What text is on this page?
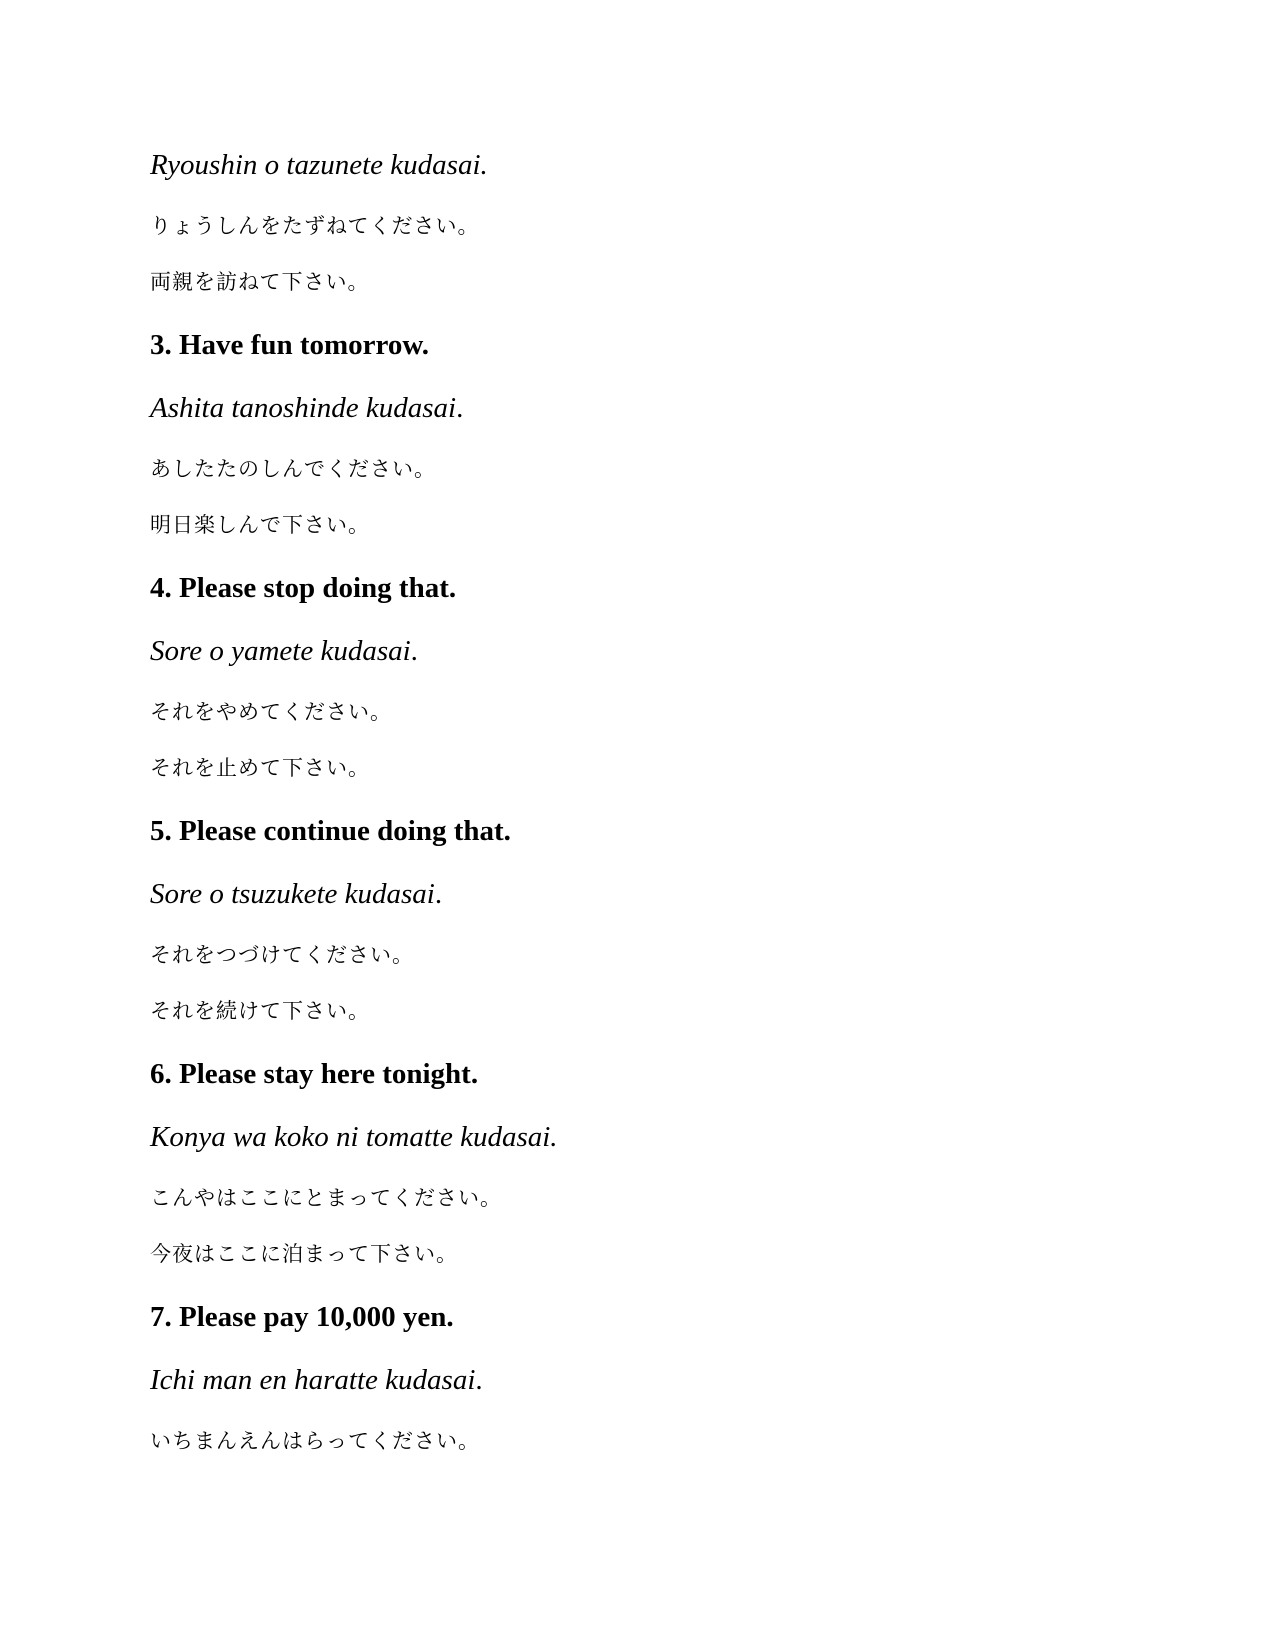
Ryoushin o tazunete kudasai.
りょうしんをたずねてください。
両親を訪ねて下さい。
3. Have fun tomorrow.
Ashita tanoshinde kudasai.
あしたたのしんでください。
明日楽しんで下さい。
4. Please stop doing that.
Sore o yamete kudasai.
それをやめてください。
それを止めて下さい。
5. Please continue doing that.
Sore o tsuzukete kudasai.
それをつづけてください。
それを続けて下さい。
6. Please stay here tonight.
Konya wa koko ni tomatte kudasai.
こんやはここにとまってください。
今夜はここに泊まって下さい。
7. Please pay 10,000 yen.
Ichi man en haratte kudasai.
いちまんえんはらってください。
